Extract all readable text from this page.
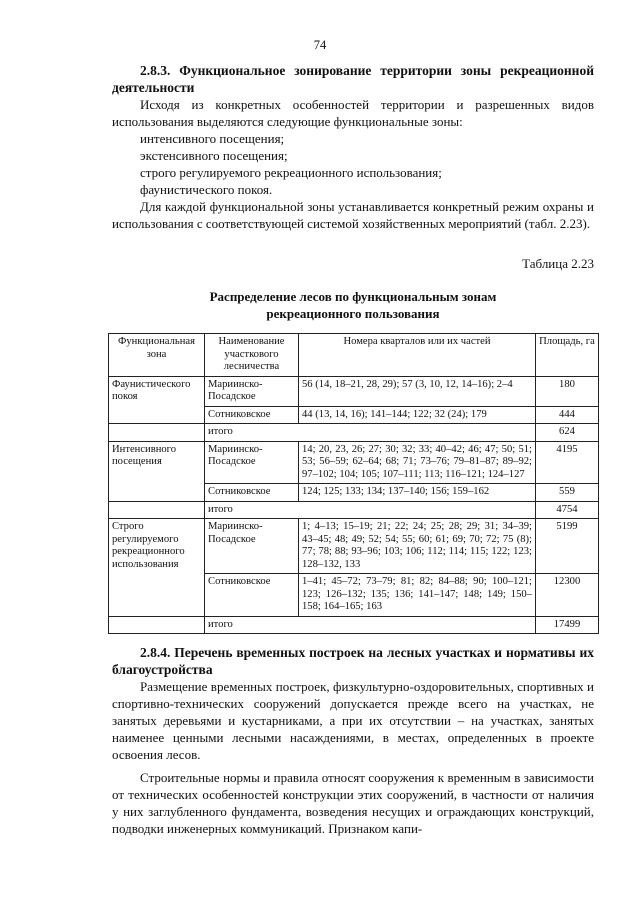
74

2.8.3. Функциональное зонирование территории зоны рекреационной деятельности

Исходя из конкретных особенностей территории и разрешенных видов использования выделяются следующие функциональные зоны:

интенсивного посещения;

экстенсивного посещения;

строго регулируемого рекреационного использования;

фаунистического покоя.

Для каждой функциональной зоны устанавливается конкретный режим охраны и использования с соответствующей системой хозяйственных мероприятий (табл. 2.23).

Таблица 2.23
Распределение лесов по функциональным зонам
рекреационного пользования
Функциональная зона	Наименование участкового лесничества	Номера кварталов или их частей	Площадь, га
Фаунистического покоя	Мариинско-Посадское	56 (14, 18–21, 28, 29); 57 (3, 10, 12, 14–16); 2–4	180
	Сотниковское	44 (13, 14, 16); 141–144; 122; 32 (24); 179	444
	итого		624
Интенсивного посещения	Мариинско-Посадское	14; 20, 23, 26; 27; 30; 32; 33; 40–42; 46; 47; 50; 51; 53; 56–59; 62–64; 68; 71; 73–76; 79–81–87; 89–92; 97–102; 104; 105; 107–111; 113; 116–121; 124–127	4195
	Сотниковское	124; 125; 133; 134; 137–140; 156; 159–162	559
	итого		4754
Строго регулируемого рекреационного использования	Мариинско-Посадское	1; 4–13; 15–19; 21; 22; 24; 25; 28; 29; 31; 34–39; 43–45; 48; 49; 52; 54; 55; 60; 61; 69; 70; 72; 75 (8); 77; 78; 88; 93–96; 103; 106; 112; 114; 115; 122; 123; 128–132, 133	5199
	Сотниковское	1–41; 45–72; 73–79; 81; 82; 84–88; 90; 100–121; 123; 126–132; 135; 136; 141–147; 148; 149; 150–158; 164–165; 163	12300
	итого		17499

2.8.4. Перечень временных построек на лесных участках и нормативы их благоустройства

Размещение временных построек, физкультурно-оздоровительных, спортивных и спортивно-технических сооружений допускается прежде всего на участках, не занятых деревьями и кустарниками, а при их отсутствии – на участках, занятых наименее ценными лесными насаждениями, в местах, определенных в проекте освоения лесов.

Строительные нормы и правила относят сооружения к временным в зависимости от технических особенностей конструкции этих сооружений, в частности от наличия у них заглубленного фундамента, возведения несущих и ограждающих конструкций, подводки инженерных коммуникаций. Признаком капи-
